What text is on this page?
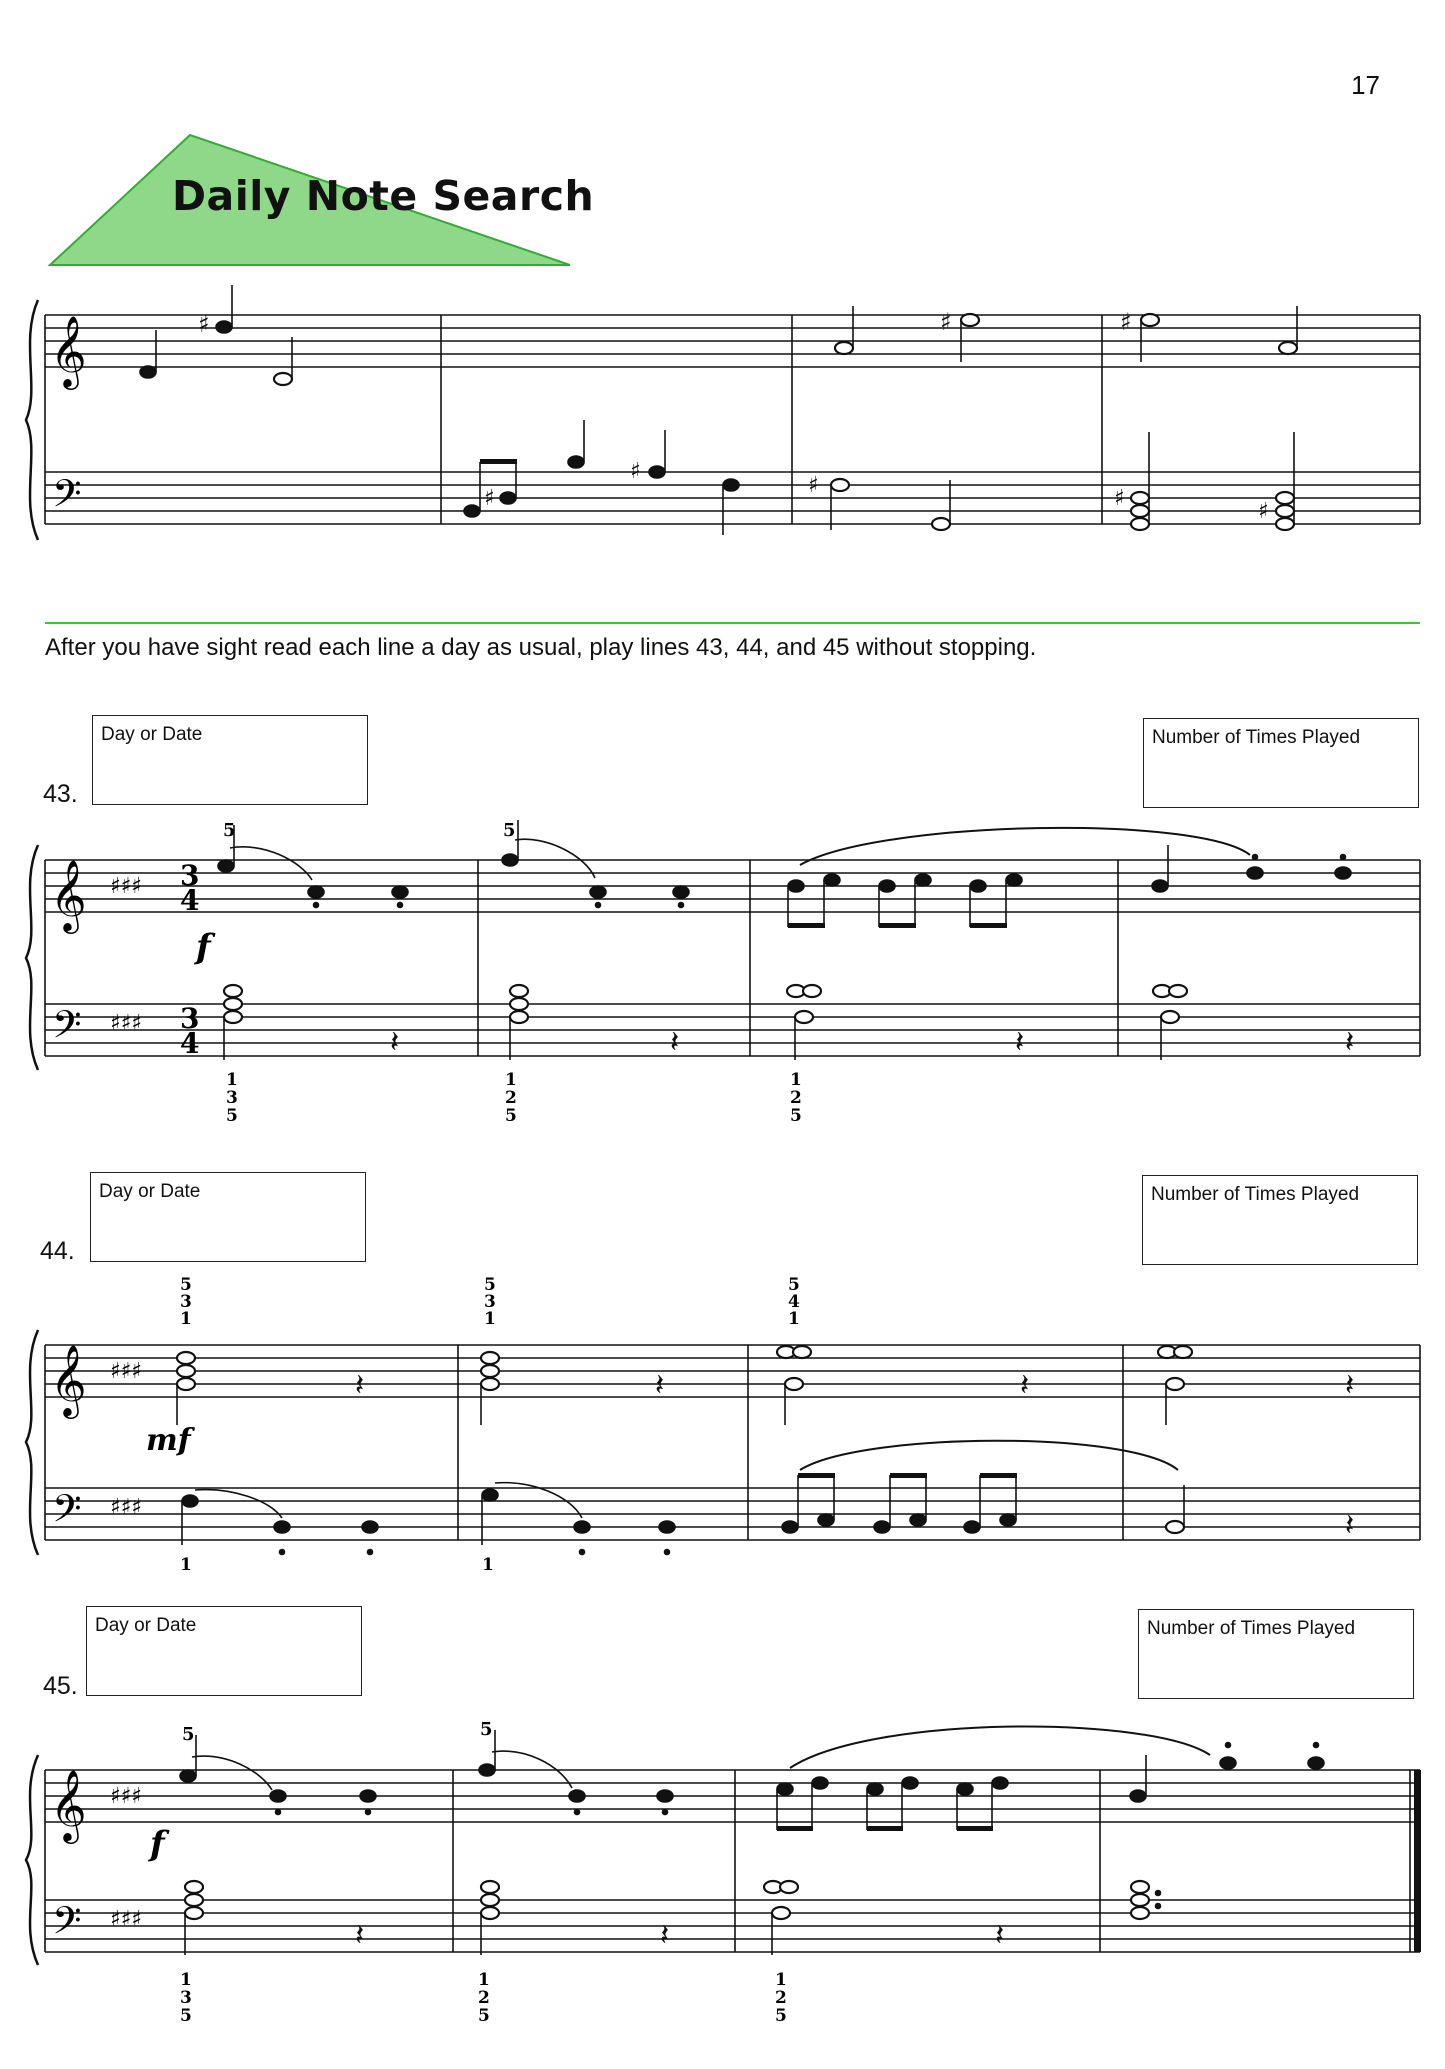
17
Daily Note Search
𝄞
𝄢
♯	♯	♯
♯
♯
♯
♯
♯
After you have sight read each line a day as usual, play lines 43, 44, and 45 without stopping.
Day or Date	Number of Times Played
43.
𝄞
𝄢
♯♯♯
♯♯♯
3
4
3
4
f
5	5
𝄽	𝄽	𝄽	𝄽
1
3
5
1
2
5
1
2
5
Day or Date	Number of Times Played
44.
𝄞
𝄢
♯♯♯
♯♯♯
mf
5
3
1
5
3
1
5
4
1
1	1
𝄽	𝄽	𝄽	𝄽
𝄽
Day or Date	Number of Times Played
45.
𝄞
𝄢
♯♯♯
♯♯♯
f
5	5
𝄽	𝄽	𝄽
1
3
5
1
2
5
1
2
5
